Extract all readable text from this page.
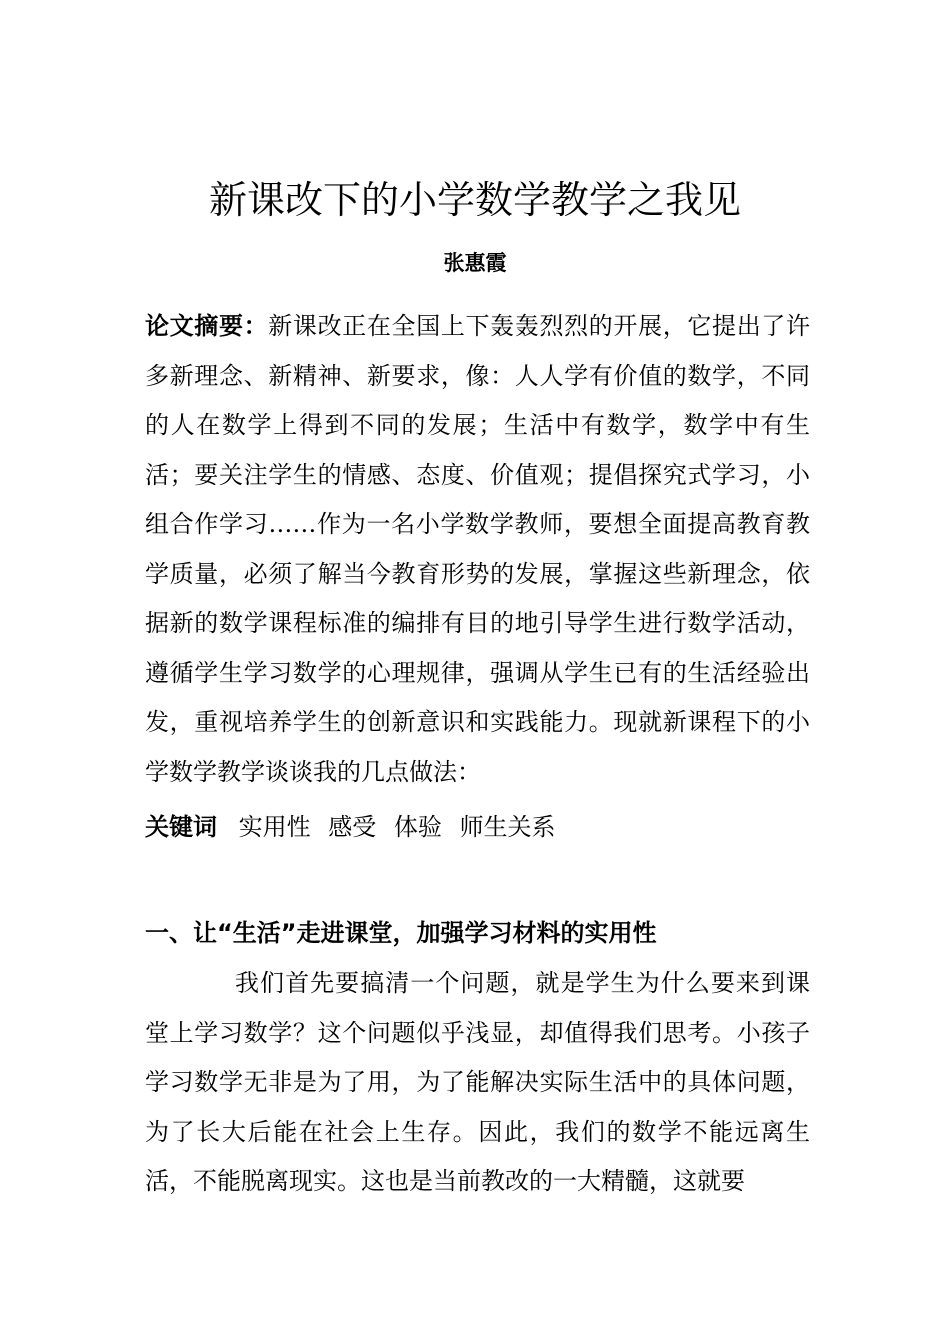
新课改下的小学数学教学之我见
张惠霞
论文摘要：新课改正在全国上下轰轰烈烈的开展，它提出了许多新理念、新精神、新要求，像：人人学有价值的数学，不同的人在数学上得到不同的发展；生活中有数学，数学中有生活；要关注学生的情感、态度、价值观；提倡探究式学习，小组合作学习……作为一名小学数学教师，要想全面提高教育教学质量，必须了解当今教育形势的发展，掌握这些新理念，依据新的数学课程标准的编排有目的地引导学生进行数学活动，遵循学生学习数学的心理规律，强调从学生已有的生活经验出发，重视培养学生的创新意识和实践能力。现就新课程下的小学数学教学谈谈我的几点做法：
关键词 实用性 感受 体验 师生关系
一、让“生活”走进课堂，加强学习材料的实用性
我们首先要搞清一个问题，就是学生为什么要来到课堂上学习数学？这个问题似乎浅显，却值得我们思考。小孩子学习数学无非是为了用，为了能解决实际生活中的具体问题，为了长大后能在社会上生存。因此，我们的数学不能远离生活，不能脱离现实。这也是当前教改的一大精髓，这就要
